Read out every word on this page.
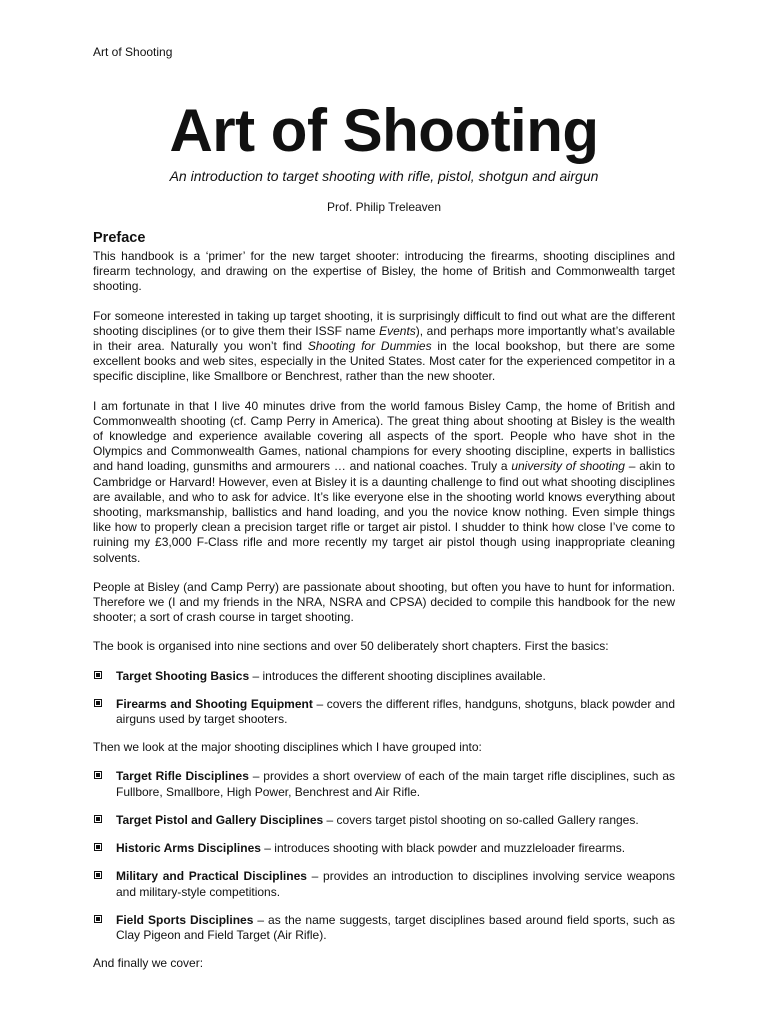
Art of Shooting
Art of Shooting
An introduction to target shooting with rifle, pistol, shotgun and airgun
Prof. Philip Treleaven
Preface

This handbook is a ‘primer’ for the new target shooter: introducing the firearms, shooting disciplines and firearm technology, and drawing on the expertise of Bisley, the home of British and Commonwealth target shooting.

For someone interested in taking up target shooting, it is surprisingly difficult to find out what are the different shooting disciplines (or to give them their ISSF name Events), and perhaps more importantly what’s available in their area. Naturally you won’t find Shooting for Dummies in the local bookshop, but there are some excellent books and web sites, especially in the United States. Most cater for the experienced competitor in a specific discipline, like Smallbore or Benchrest, rather than the new shooter.

I am fortunate in that I live 40 minutes drive from the world famous Bisley Camp, the home of British and Commonwealth shooting (cf. Camp Perry in America). The great thing about shooting at Bisley is the wealth of knowledge and experience available covering all aspects of the sport. People who have shot in the Olympics and Commonwealth Games, national champions for every shooting discipline, experts in ballistics and hand loading, gunsmiths and armourers … and national coaches. Truly a university of shooting – akin to Cambridge or Harvard! However, even at Bisley it is a daunting challenge to find out what shooting disciplines are available, and who to ask for advice. It’s like everyone else in the shooting world knows everything about shooting, marksmanship, ballistics and hand loading, and you the novice know nothing. Even simple things like how to properly clean a precision target rifle or target air pistol. I shudder to think how close I’ve come to ruining my £3,000 F-Class rifle and more recently my target air pistol though using inappropriate cleaning solvents.

People at Bisley (and Camp Perry) are passionate about shooting, but often you have to hunt for information. Therefore we (I and my friends in the NRA, NSRA and CPSA) decided to compile this handbook for the new shooter; a sort of crash course in target shooting.

The book is organised into nine sections and over 50 deliberately short chapters. First the basics:

Target Shooting Basics – introduces the different shooting disciplines available.
Firearms and Shooting Equipment – covers the different rifles, handguns, shotguns, black powder and airguns used by target shooters.

Then we look at the major shooting disciplines which I have grouped into:

Target Rifle Disciplines – provides a short overview of each of the main target rifle disciplines, such as Fullbore, Smallbore, High Power, Benchrest and Air Rifle.
Target Pistol and Gallery Disciplines – covers target pistol shooting on so-called Gallery ranges.
Historic Arms Disciplines – introduces shooting with black powder and muzzleloader firearms.
Military and Practical Disciplines – provides an introduction to disciplines involving service weapons and military-style competitions.
Field Sports Disciplines – as the name suggests, target disciplines based around field sports, such as Clay Pigeon and Field Target (Air Rifle).

And finally we cover:
